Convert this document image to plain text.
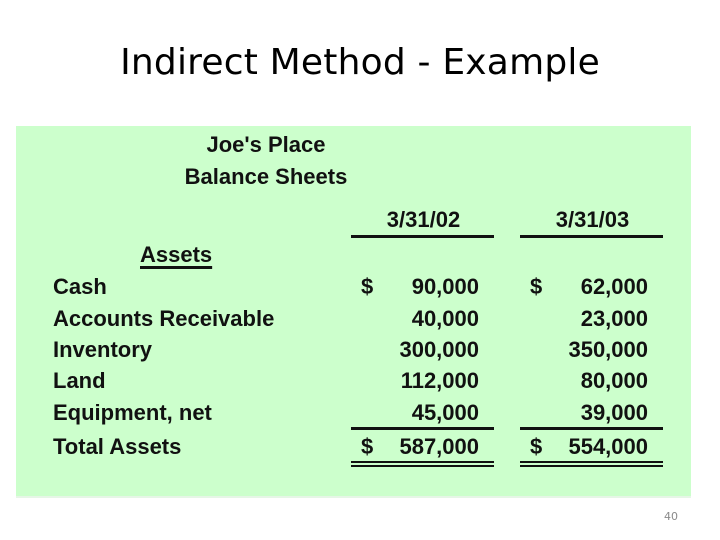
Indirect Method - Example
Joe's Place
Balance Sheets
3/31/02	3/31/03
Assets
Cash	$	90,000 $	62,000
Accounts Receivable	40,000	23,000
Inventory	300,000	350,000
Land	112,000	80,000
Equipment, net	45,000	39,000
Total Assets	$	587,000 $	554,000
40
